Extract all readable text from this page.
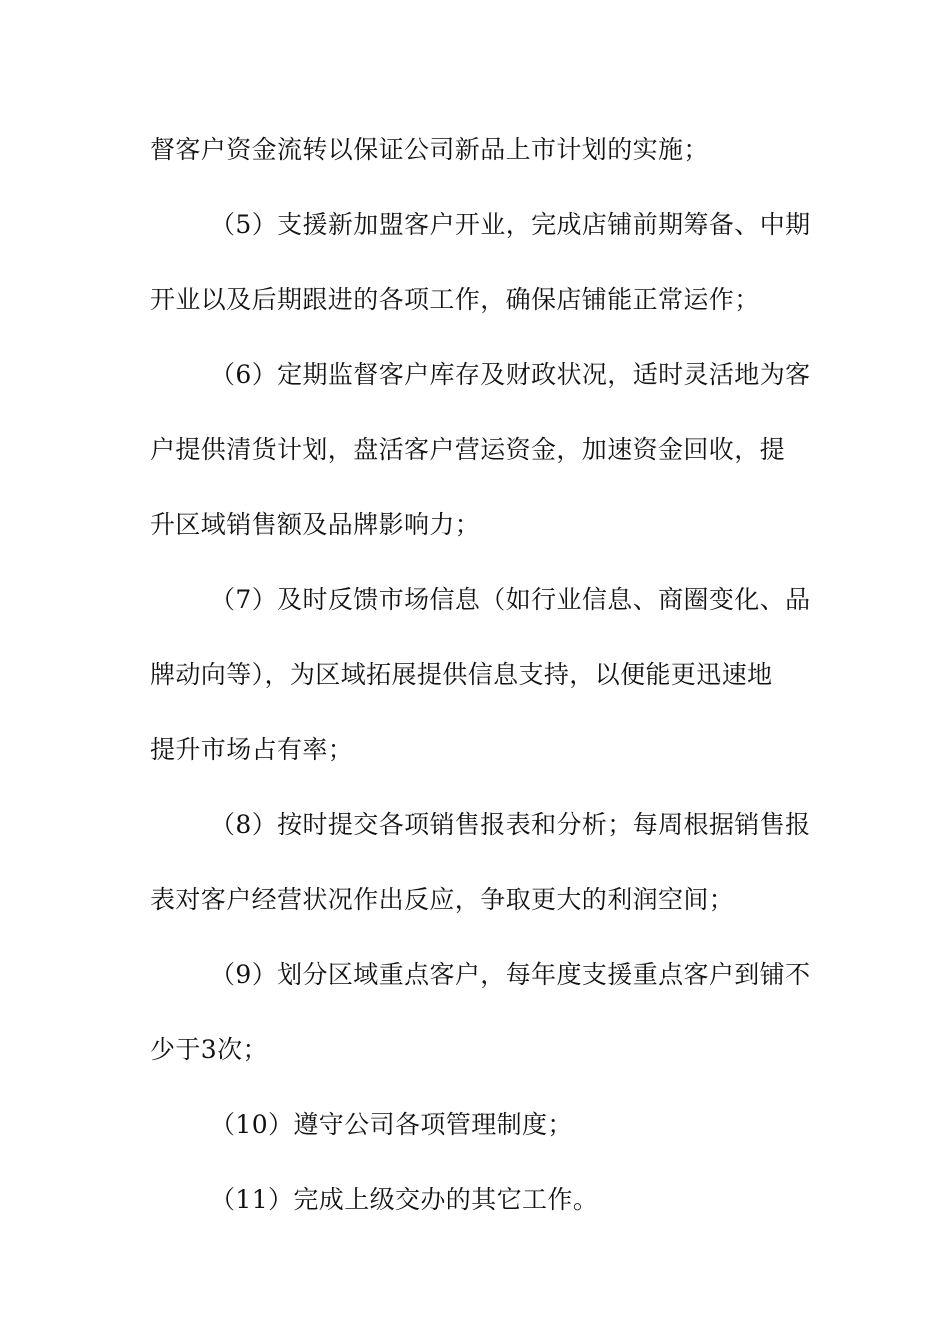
督客户资金流转以保证公司新品上市计划的实施；
（5）支援新加盟客户开业，完成店铺前期筹备、中期
开业以及后期跟进的各项工作，确保店铺能正常运作；
（6）定期监督客户库存及财政状况，适时灵活地为客
户提供清货计划，盘活客户营运资金，加速资金回收，提
升区域销售额及品牌影响力；
（7）及时反馈市场信息（如行业信息、商圈变化、品
牌动向等），为区域拓展提供信息支持，以便能更迅速地
提升市场占有率；
（8）按时提交各项销售报表和分析；每周根据销售报
表对客户经营状况作出反应，争取更大的利润空间；
（9）划分区域重点客户，每年度支援重点客户到铺不
少于3次；
（10）遵守公司各项管理制度；
（11）完成上级交办的其它工作。
